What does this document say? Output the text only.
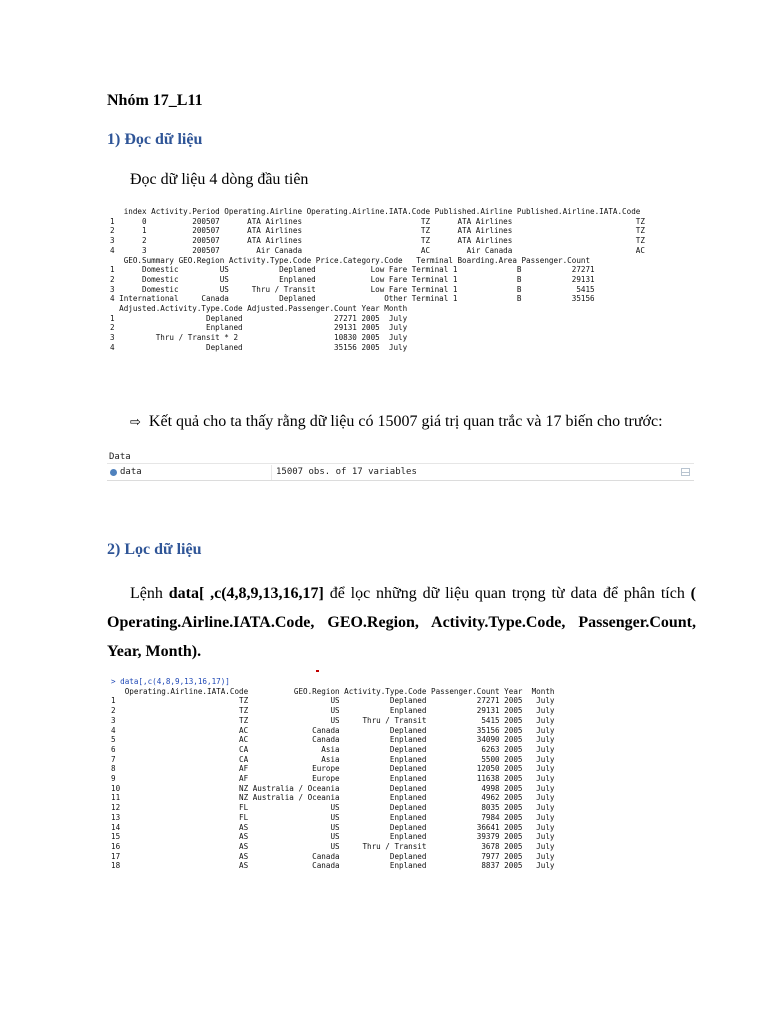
Nhóm 17_L11
1) Đọc dữ liệu
Đọc dữ liệu 4 dòng đầu tiên
index Activity.Period Operating.Airline Operating.Airline.IATA.Code Published.Airline Published.Airline.IATA.Code
1      0          200507      ATA Airlines                          TZ      ATA Airlines                           TZ
2      1          200507      ATA Airlines                          TZ      ATA Airlines                           TZ
3      2          200507      ATA Airlines                          TZ      ATA Airlines                           TZ
4      3          200507        Air Canada                          AC        Air Canada                           AC
GEO.Summary GEO.Region Activity.Type.Code Price.Category.Code   Terminal Boarding.Area Passenger.Count
1      Domestic         US           Deplaned            Low Fare Terminal 1             B           27271
2      Domestic         US           Enplaned            Low Fare Terminal 1             B           29131
3      Domestic         US     Thru / Transit            Low Fare Terminal 1             B            5415
4 International     Canada           Deplaned               Other Terminal 1             B           35156
Adjusted.Activity.Type.Code Adjusted.Passenger.Count Year Month
1                    Deplaned                    27271 2005  July
2                    Enplaned                    29131 2005  July
3         Thru / Transit * 2                     10830 2005  July
4                    Deplaned                    35156 2005  July
⇨ Kết quả cho ta thấy rằng dữ liệu có 15007 giá trị quan trắc và 17 biến cho trước:
Data
data	15007 obs. of 17 variables
2) Lọc dữ liệu
Lệnh data[ ,c(4,8,9,13,16,17] để lọc những dữ liệu quan trọng từ data để phân tích ( Operating.Airline.IATA.Code, GEO.Region, Activity.Type.Code, Passenger.Count, Year, Month).
> data[,c(4,8,9,13,16,17)]
Operating.Airline.IATA.Code          GEO.Region Activity.Type.Code Passenger.Count Year  Month
1                           TZ                  US           Deplaned           27271 2005   July
2                           TZ                  US           Enplaned           29131 2005   July
3                           TZ                  US     Thru / Transit            5415 2005   July
4                           AC              Canada           Deplaned           35156 2005   July
5                           AC              Canada           Enplaned           34090 2005   July
6                           CA                Asia           Deplaned            6263 2005   July
7                           CA                Asia           Enplaned            5500 2005   July
8                           AF              Europe           Deplaned           12050 2005   July
9                           AF              Europe           Enplaned           11638 2005   July
10                          NZ Australia / Oceania           Deplaned            4998 2005   July
11                          NZ Australia / Oceania           Enplaned            4962 2005   July
12                          FL                  US           Deplaned            8035 2005   July
13                          FL                  US           Enplaned            7984 2005   July
14                          AS                  US           Deplaned           36641 2005   July
15                          AS                  US           Enplaned           39379 2005   July
16                          AS                  US     Thru / Transit            3678 2005   July
17                          AS              Canada           Deplaned            7977 2005   July
18                          AS              Canada           Enplaned            8837 2005   July
